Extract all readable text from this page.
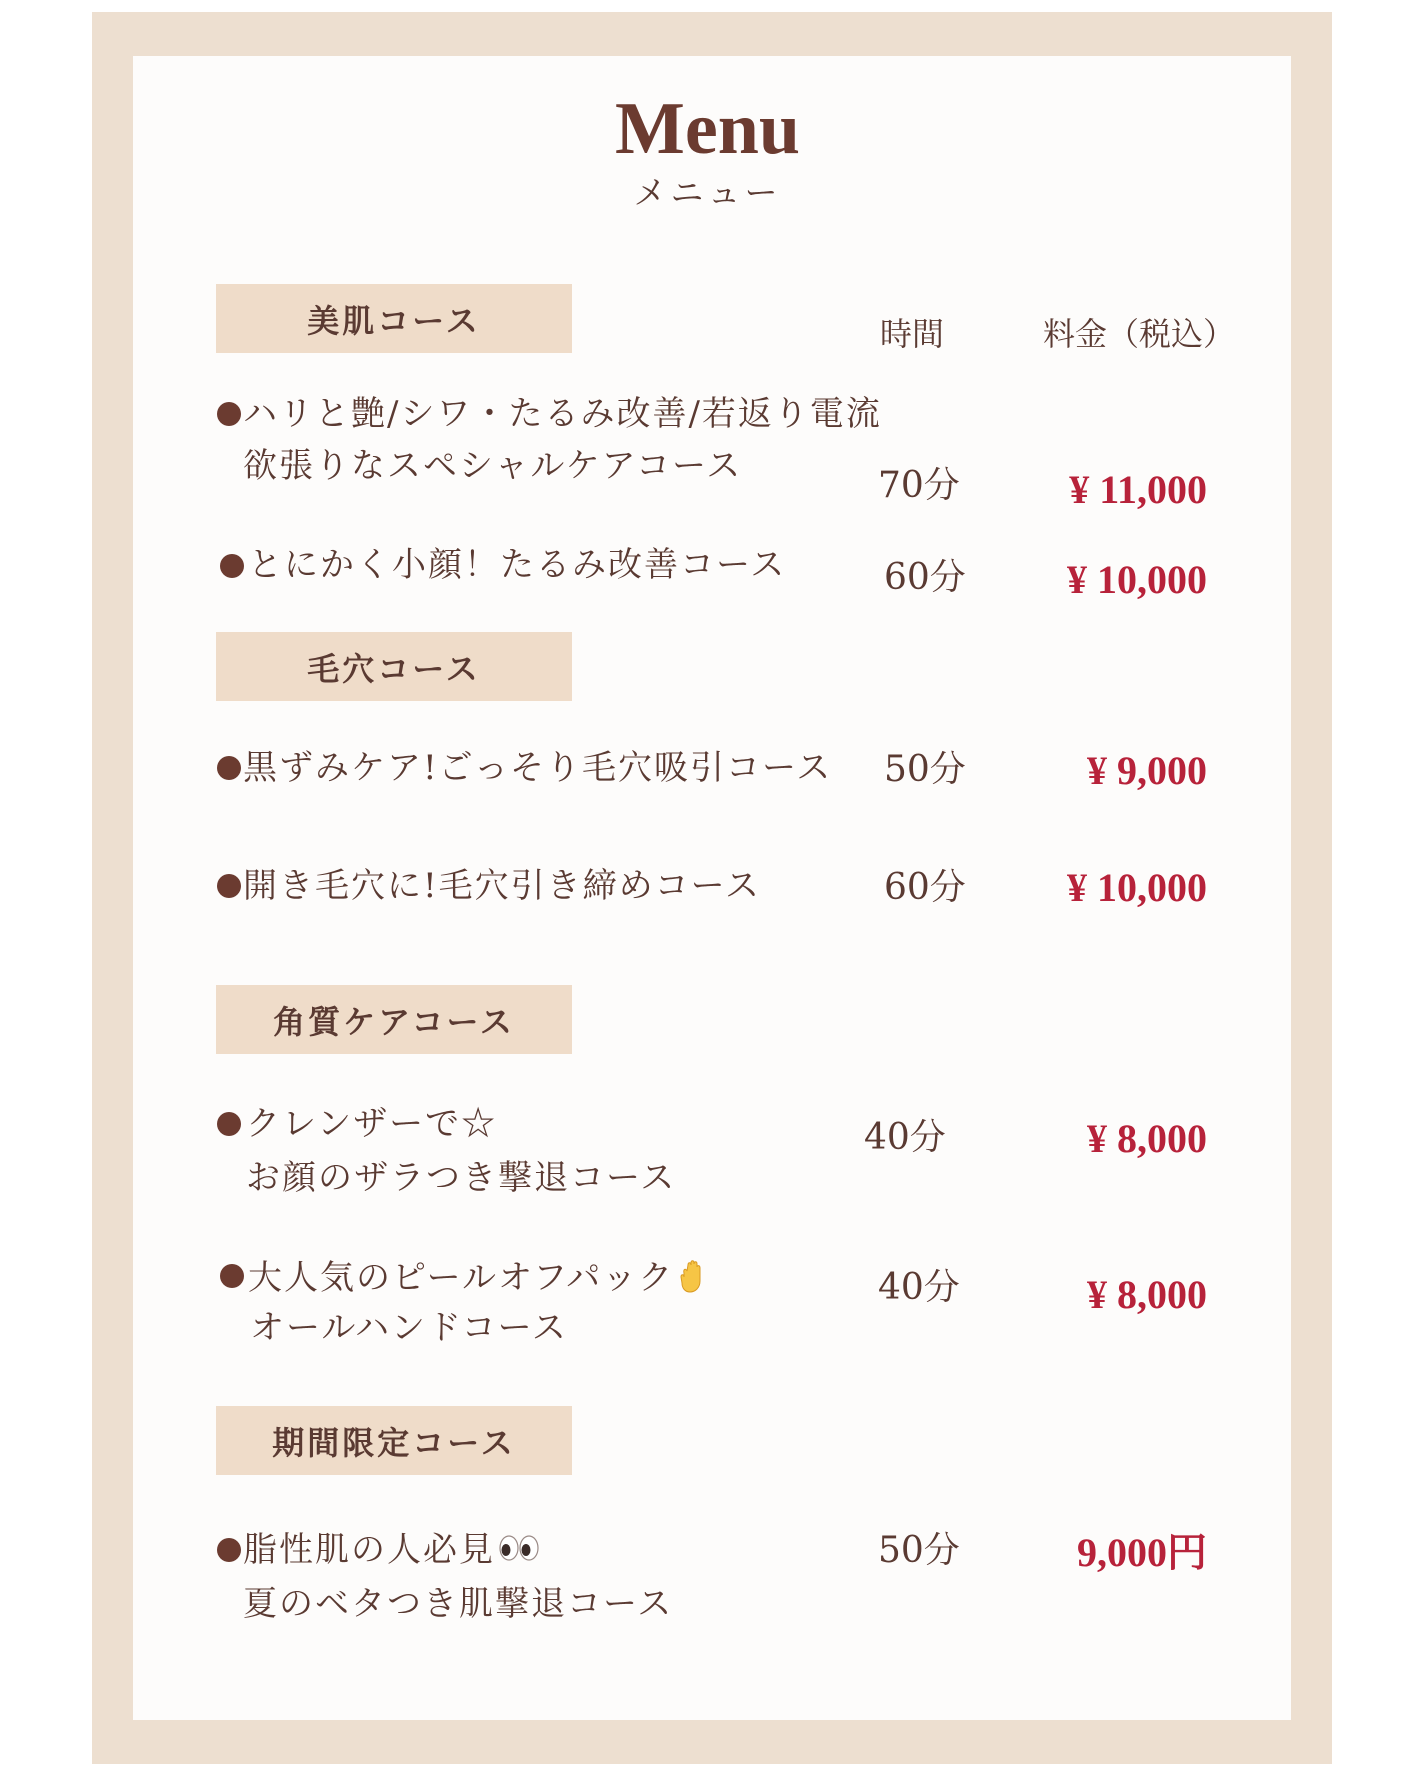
Menu
メニュー
時間	料金（税込）
美肌コース
ハリと艶/シワ・たるみ改善/若返り電流
欲張りなスペシャルケアコース	70分	¥ 11,000
とにかく小顔！たるみ改善コース	60分	¥ 10,000
毛穴コース
黒ずみケア!ごっそり毛穴吸引コース 50分	¥ 9,000
開き毛穴に!毛穴引き締めコース	60分	¥ 10,000
角質ケアコース
クレンザーで☆
お顔のザラつき撃退コース
40分	¥ 8,000
大人気のピールオフパック
オールハンドコース
40分	¥ 8,000
期間限定コース
脂性肌の人必見
夏のベタつき肌撃退コース
50分	9,000円
